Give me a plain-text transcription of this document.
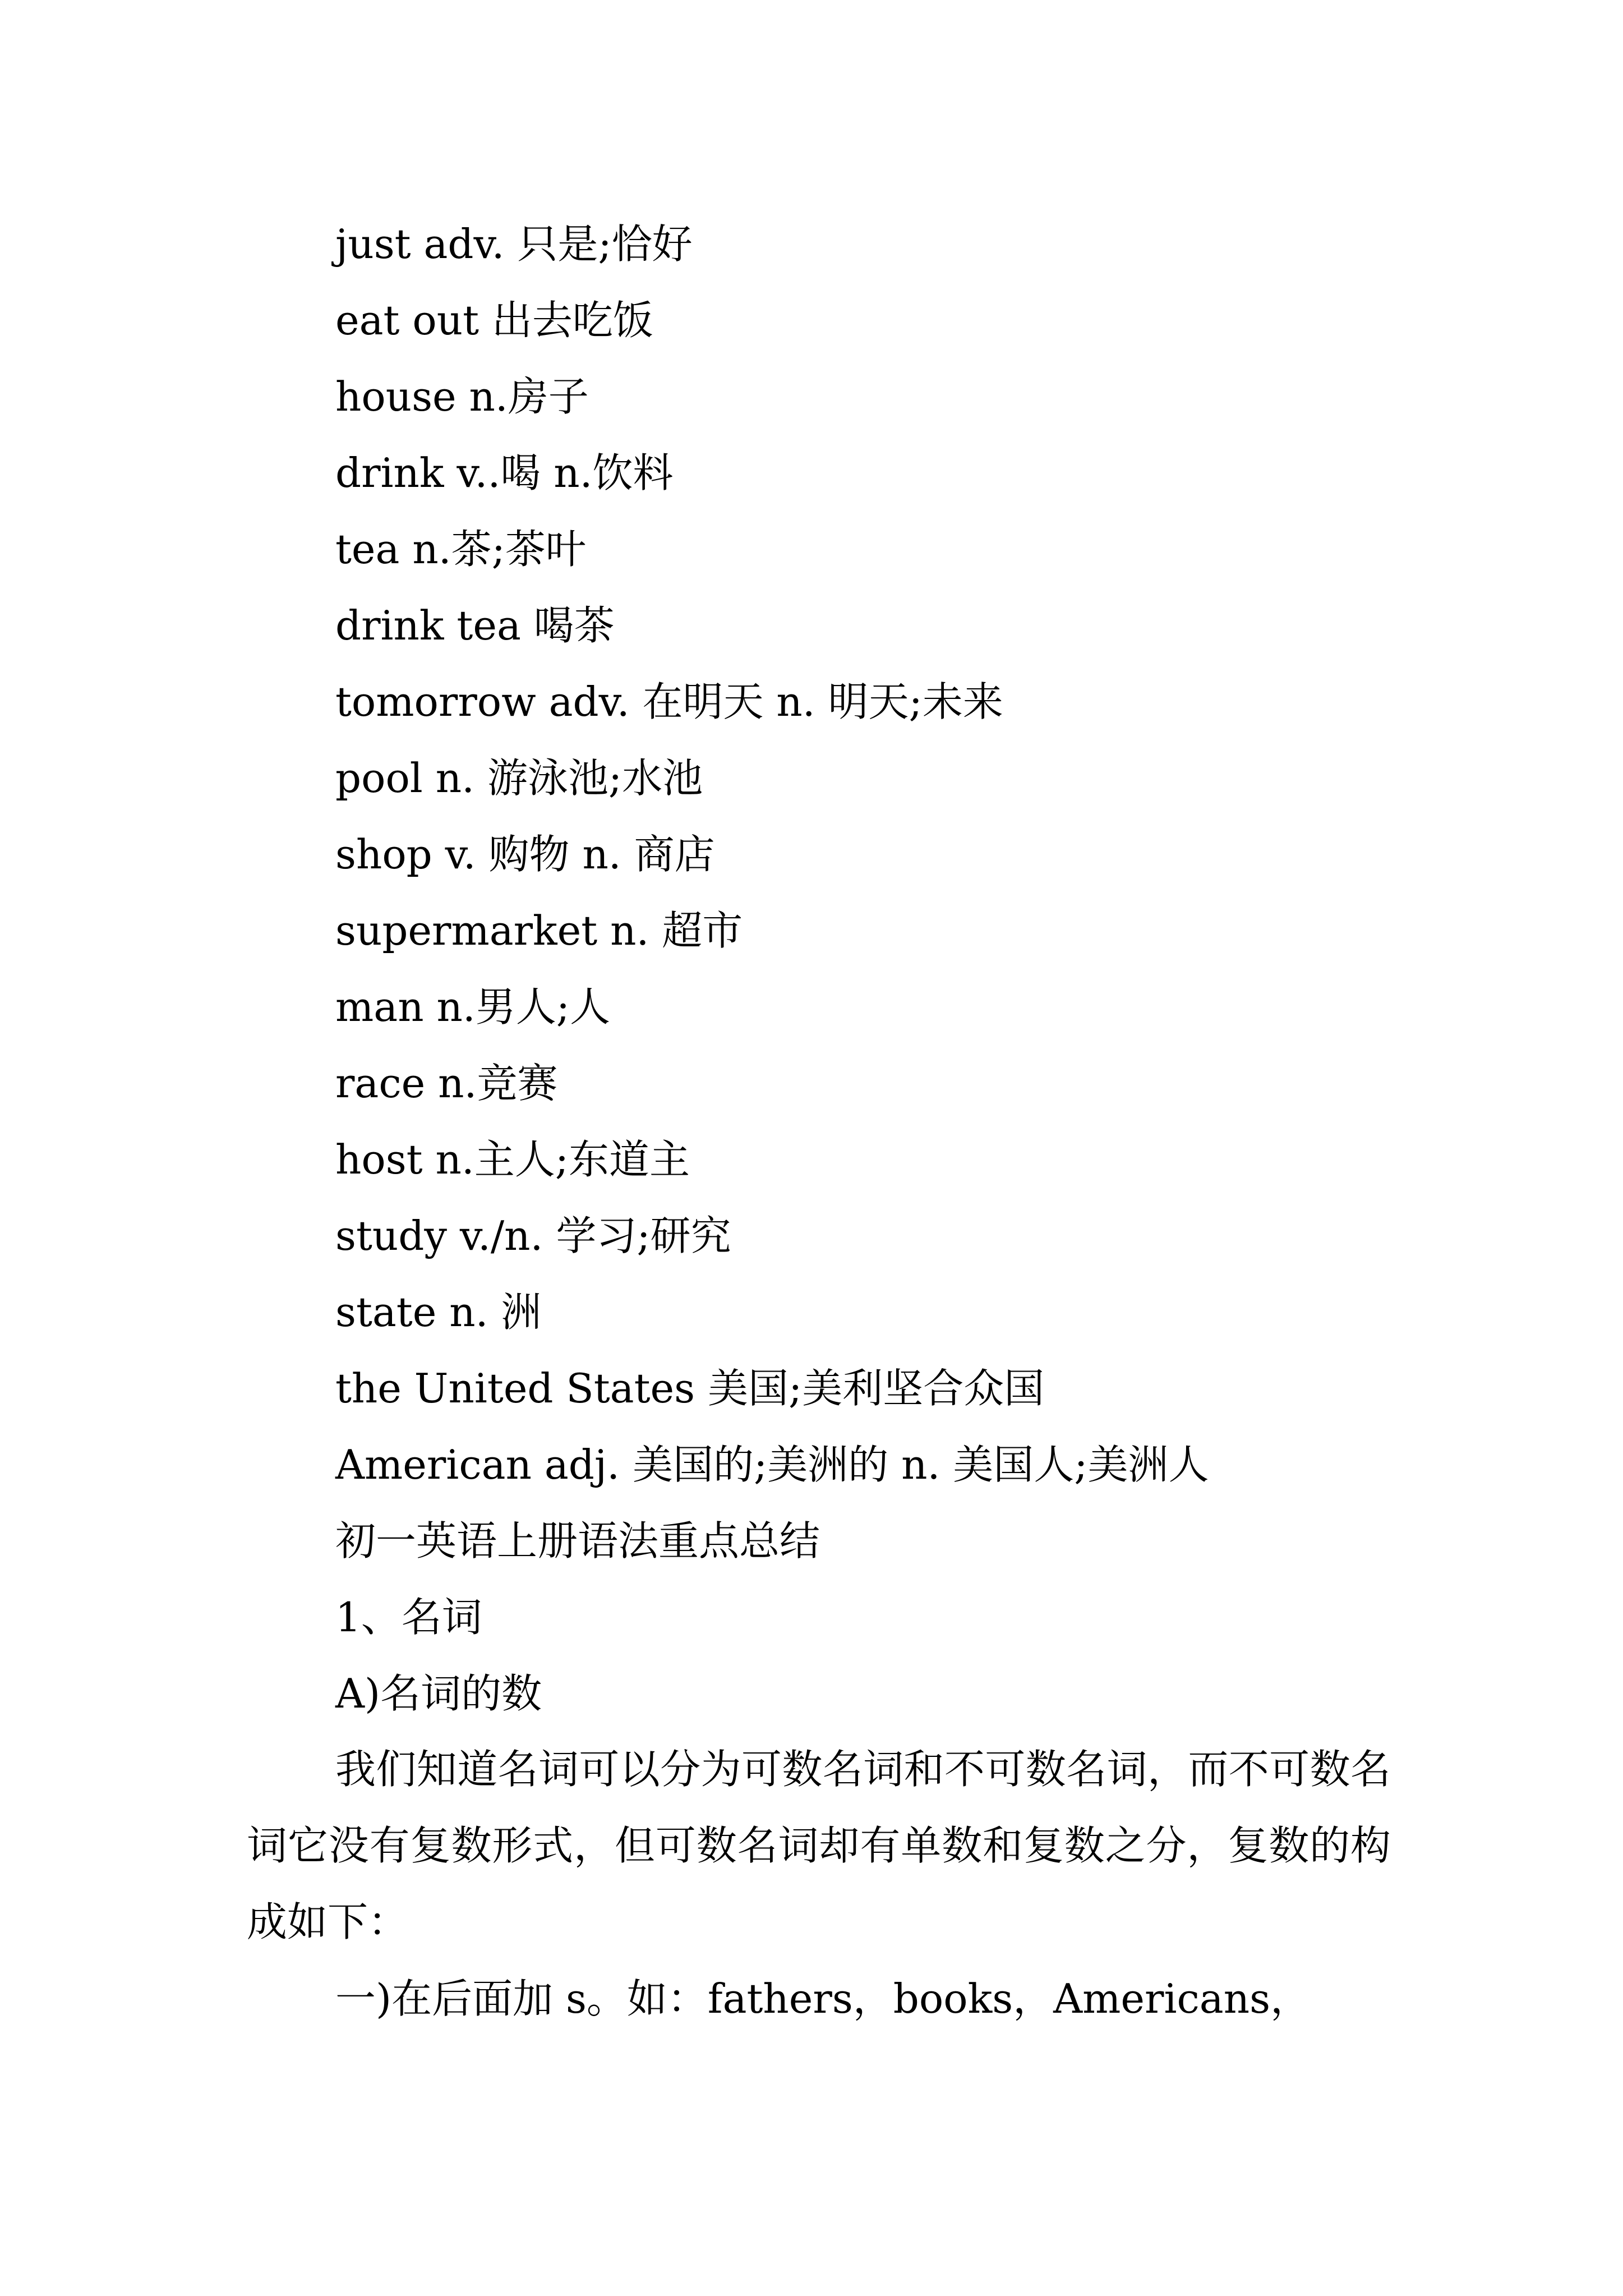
just adv. 只是;恰好
eat out 出去吃饭
house n.房子
drink v..喝 n.饮料
tea n.茶;茶叶
drink tea 喝茶
tomorrow adv. 在明天 n. 明天;未来
pool n. 游泳池;水池
shop v. 购物 n. 商店
supermarket n. 超市
man n.男人;人
race n.竞赛
host n.主人;东道主
study v./n. 学习;研究
state n. 洲
the United States 美国;美利坚合众国
American adj. 美国的;美洲的 n. 美国人;美洲人
初一英语上册语法重点总结
1、名词
A)名词的数
我们知道名词可以分为可数名词和不可数名词，而不可数名词它没有复数形式，但可数名词却有单数和复数之分，复数的构成如下：
一)在后面加 s。如：fathers，books，Americans，
